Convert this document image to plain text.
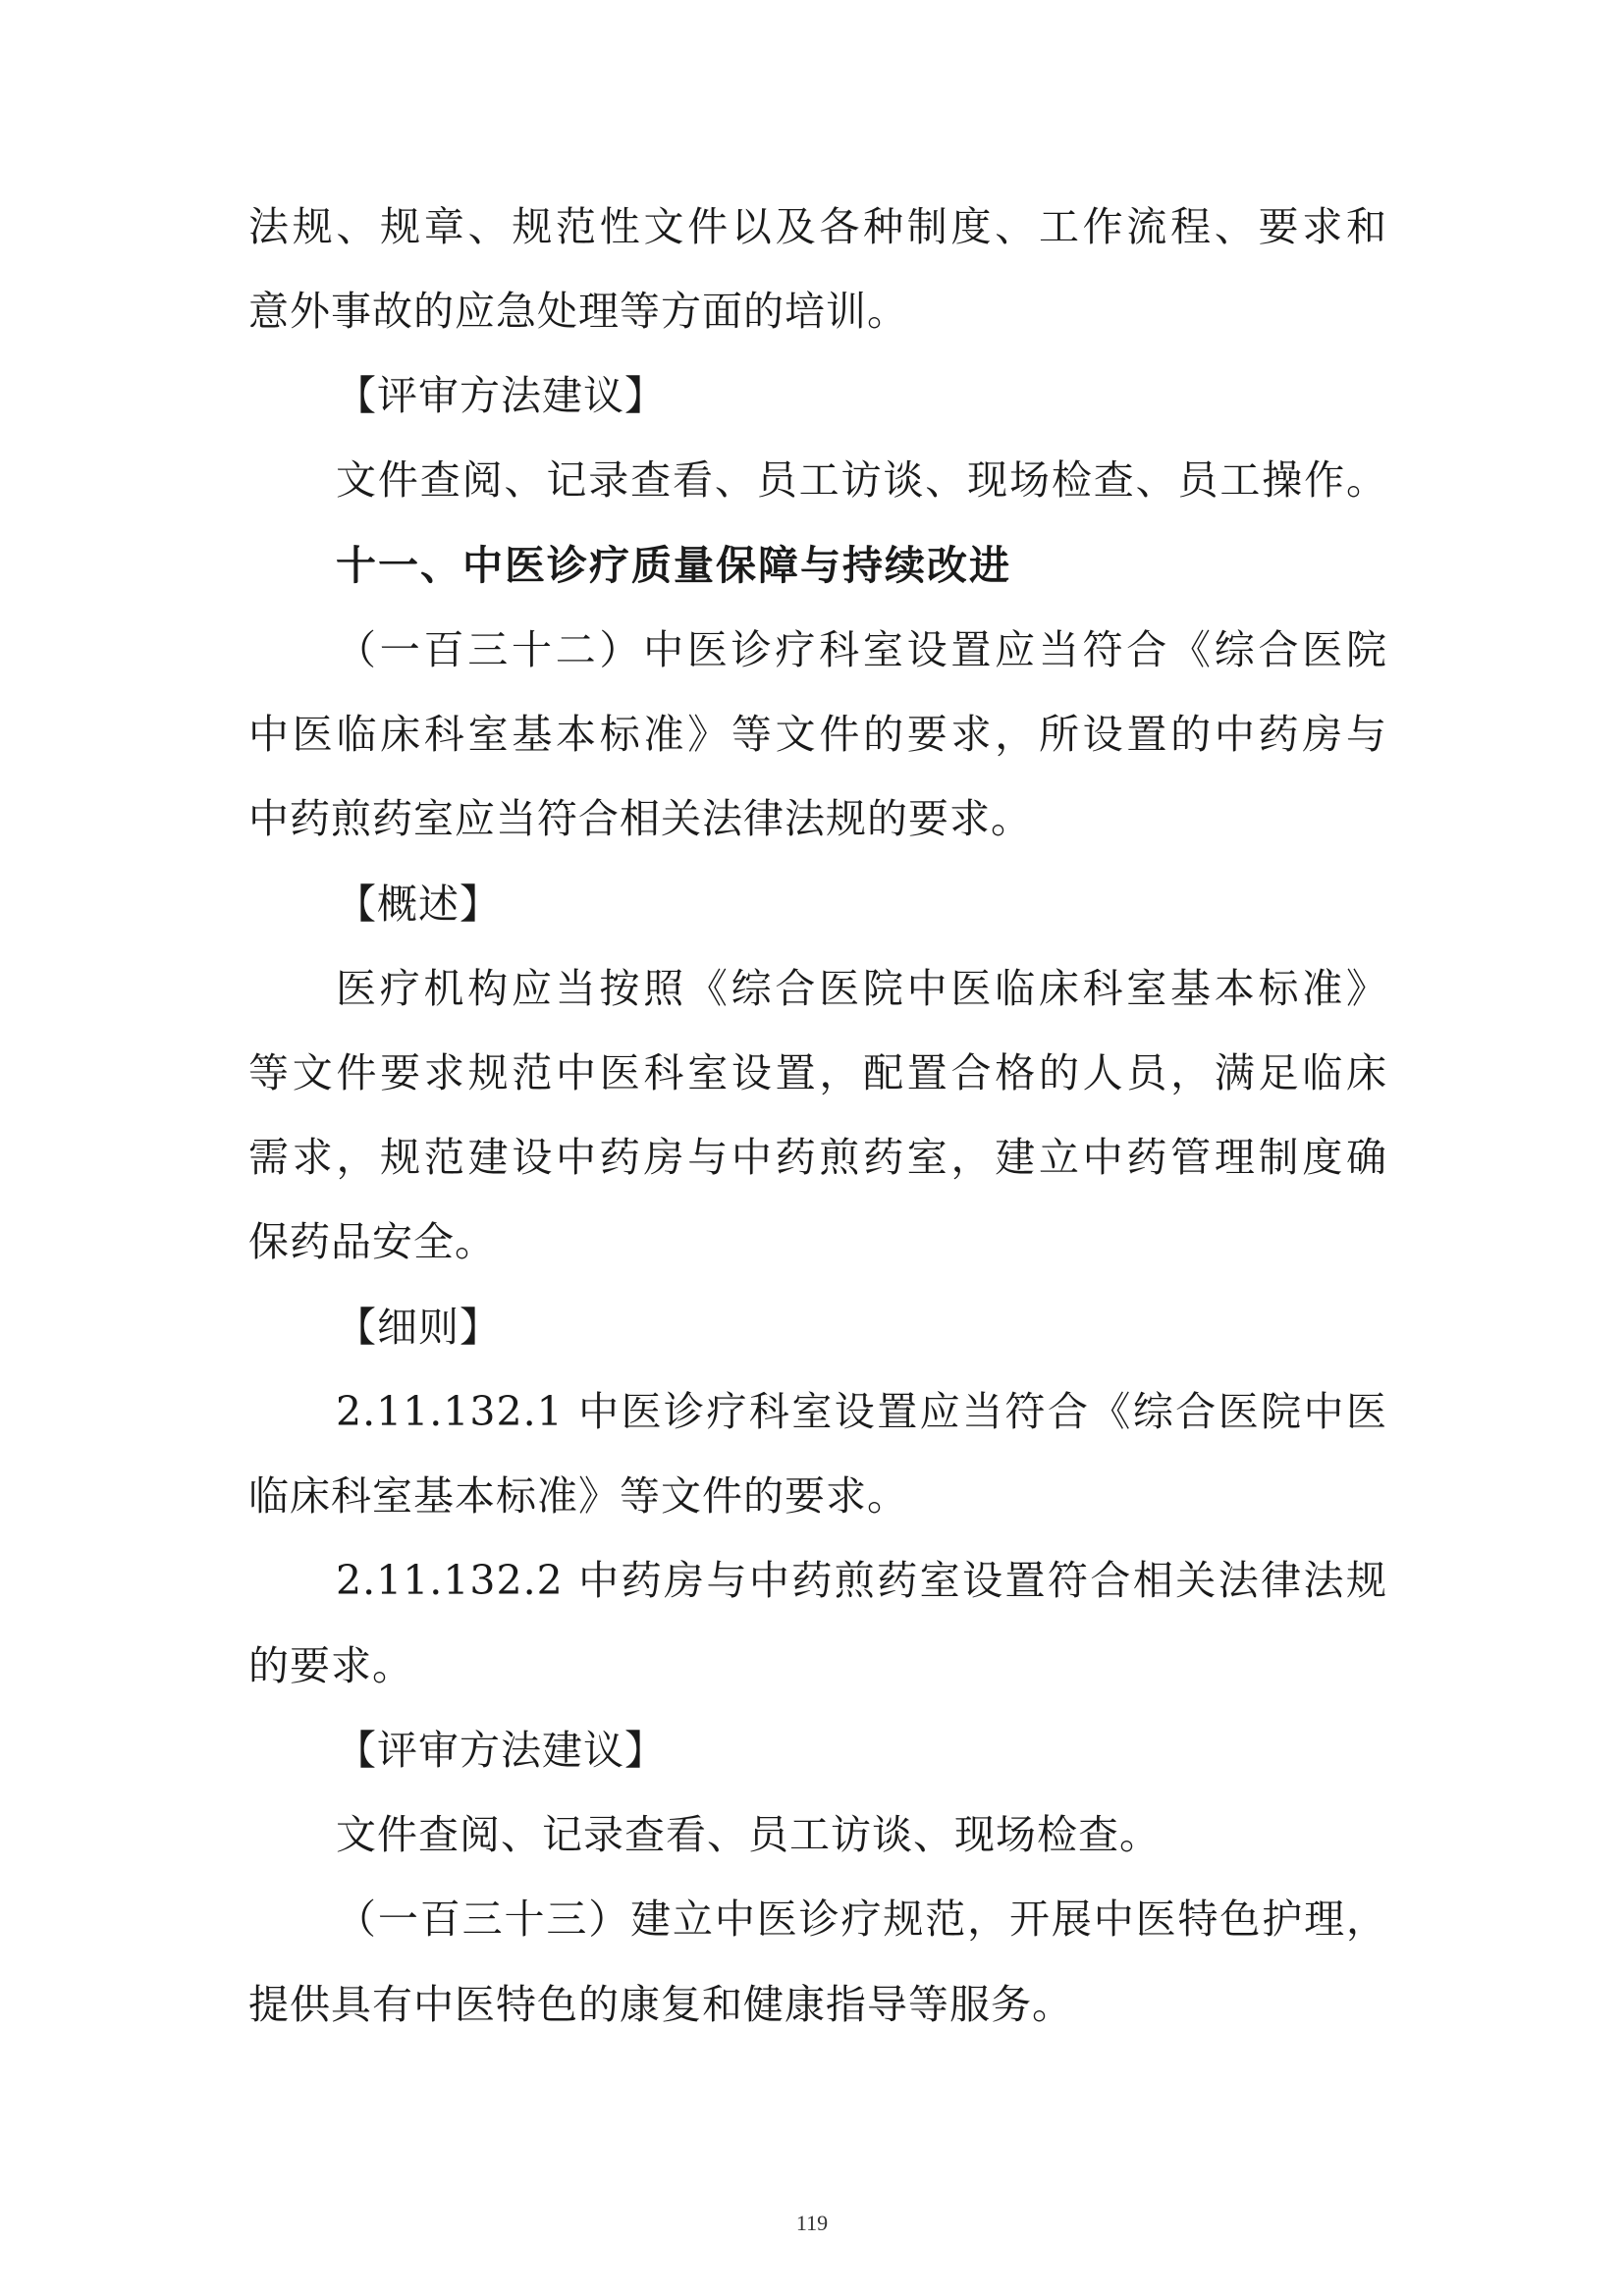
法规、规章、规范性文件以及各种制度、工作流程、要求和
意外事故的应急处理等方面的培训。
【评审方法建议】
文件查阅、记录查看、员工访谈、现场检查、员工操作。
十一、中医诊疗质量保障与持续改进
（一百三十二）中医诊疗科室设置应当符合《综合医院
中医临床科室基本标准》等文件的要求，所设置的中药房与
中药煎药室应当符合相关法律法规的要求。
【概述】
医疗机构应当按照《综合医院中医临床科室基本标准》
等文件要求规范中医科室设置，配置合格的人员，满足临床
需求，规范建设中药房与中药煎药室，建立中药管理制度确
保药品安全。
【细则】
2.11.132.1 中医诊疗科室设置应当符合《综合医院中医
临床科室基本标准》等文件的要求。
2.11.132.2 中药房与中药煎药室设置符合相关法律法规
的要求。
【评审方法建议】
文件查阅、记录查看、员工访谈、现场检查。
（一百三十三）建立中医诊疗规范，开展中医特色护理，
提供具有中医特色的康复和健康指导等服务。
119
